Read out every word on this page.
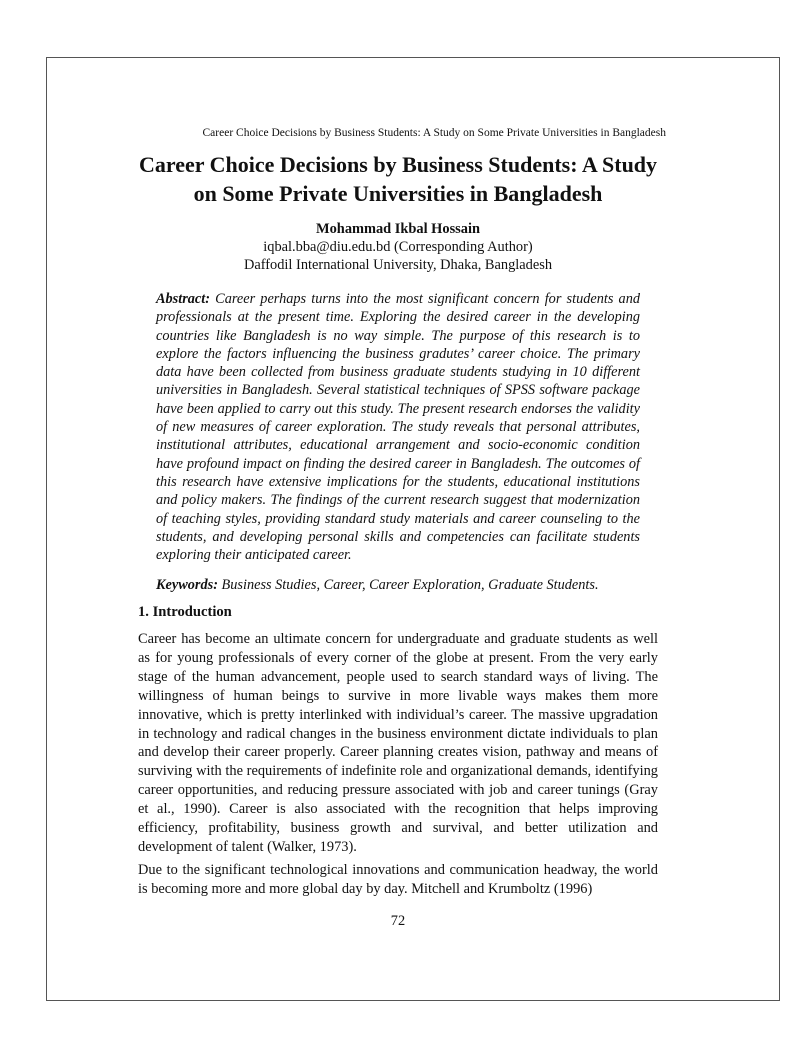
Career Choice Decisions by Business Students: A Study on Some Private Universities in Bangladesh
Career Choice Decisions by Business Students: A Study on Some Private Universities in Bangladesh
Mohammad Ikbal Hossain
iqbal.bba@diu.edu.bd (Corresponding Author)
Daffodil International University, Dhaka, Bangladesh

Abstract: Career perhaps turns into the most significant concern for students and professionals at the present time. Exploring the desired career in the developing countries like Bangladesh is no way simple. The purpose of this research is to explore the factors influencing the business gradutes’ career choice. The primary data have been collected from business graduate students studying in 10 different universities in Bangladesh. Several statistical techniques of SPSS software package have been applied to carry out this study. The present research endorses the validity of new measures of career exploration. The study reveals that personal attributes, institutional attributes, educational arrangement and socio-economic condition have profound impact on finding the desired career in Bangladesh. The outcomes of this research have extensive implications for the students, educational institutions and policy makers. The findings of the current research suggest that modernization of teaching styles, providing standard study materials and career counseling to the students, and developing personal skills and competencies can facilitate students exploring their anticipated career.

Keywords: Business Studies, Career, Career Exploration, Graduate Students.

1. Introduction

Career has become an ultimate concern for undergraduate and graduate students as well as for young professionals of every corner of the globe at present. From the very early stage of the human advancement, people used to search standard ways of living. The willingness of human beings to survive in more livable ways makes them more innovative, which is pretty interlinked with individual’s career. The massive upgradation in technology and radical changes in the business environment dictate individuals to plan and develop their career properly. Career planning creates vision, pathway and means of surviving with the requirements of indefinite role and organizational demands, identifying career opportunities, and reducing pressure associated with job and career tunings (Gray et al., 1990). Career is also associated with the recognition that helps improving efficiency, profitability, business growth and survival, and better utilization and development of talent (Walker, 1973).

Due to the significant technological innovations and communication headway, the world is becoming more and more global day by day. Mitchell and Krumboltz (1996)

72
